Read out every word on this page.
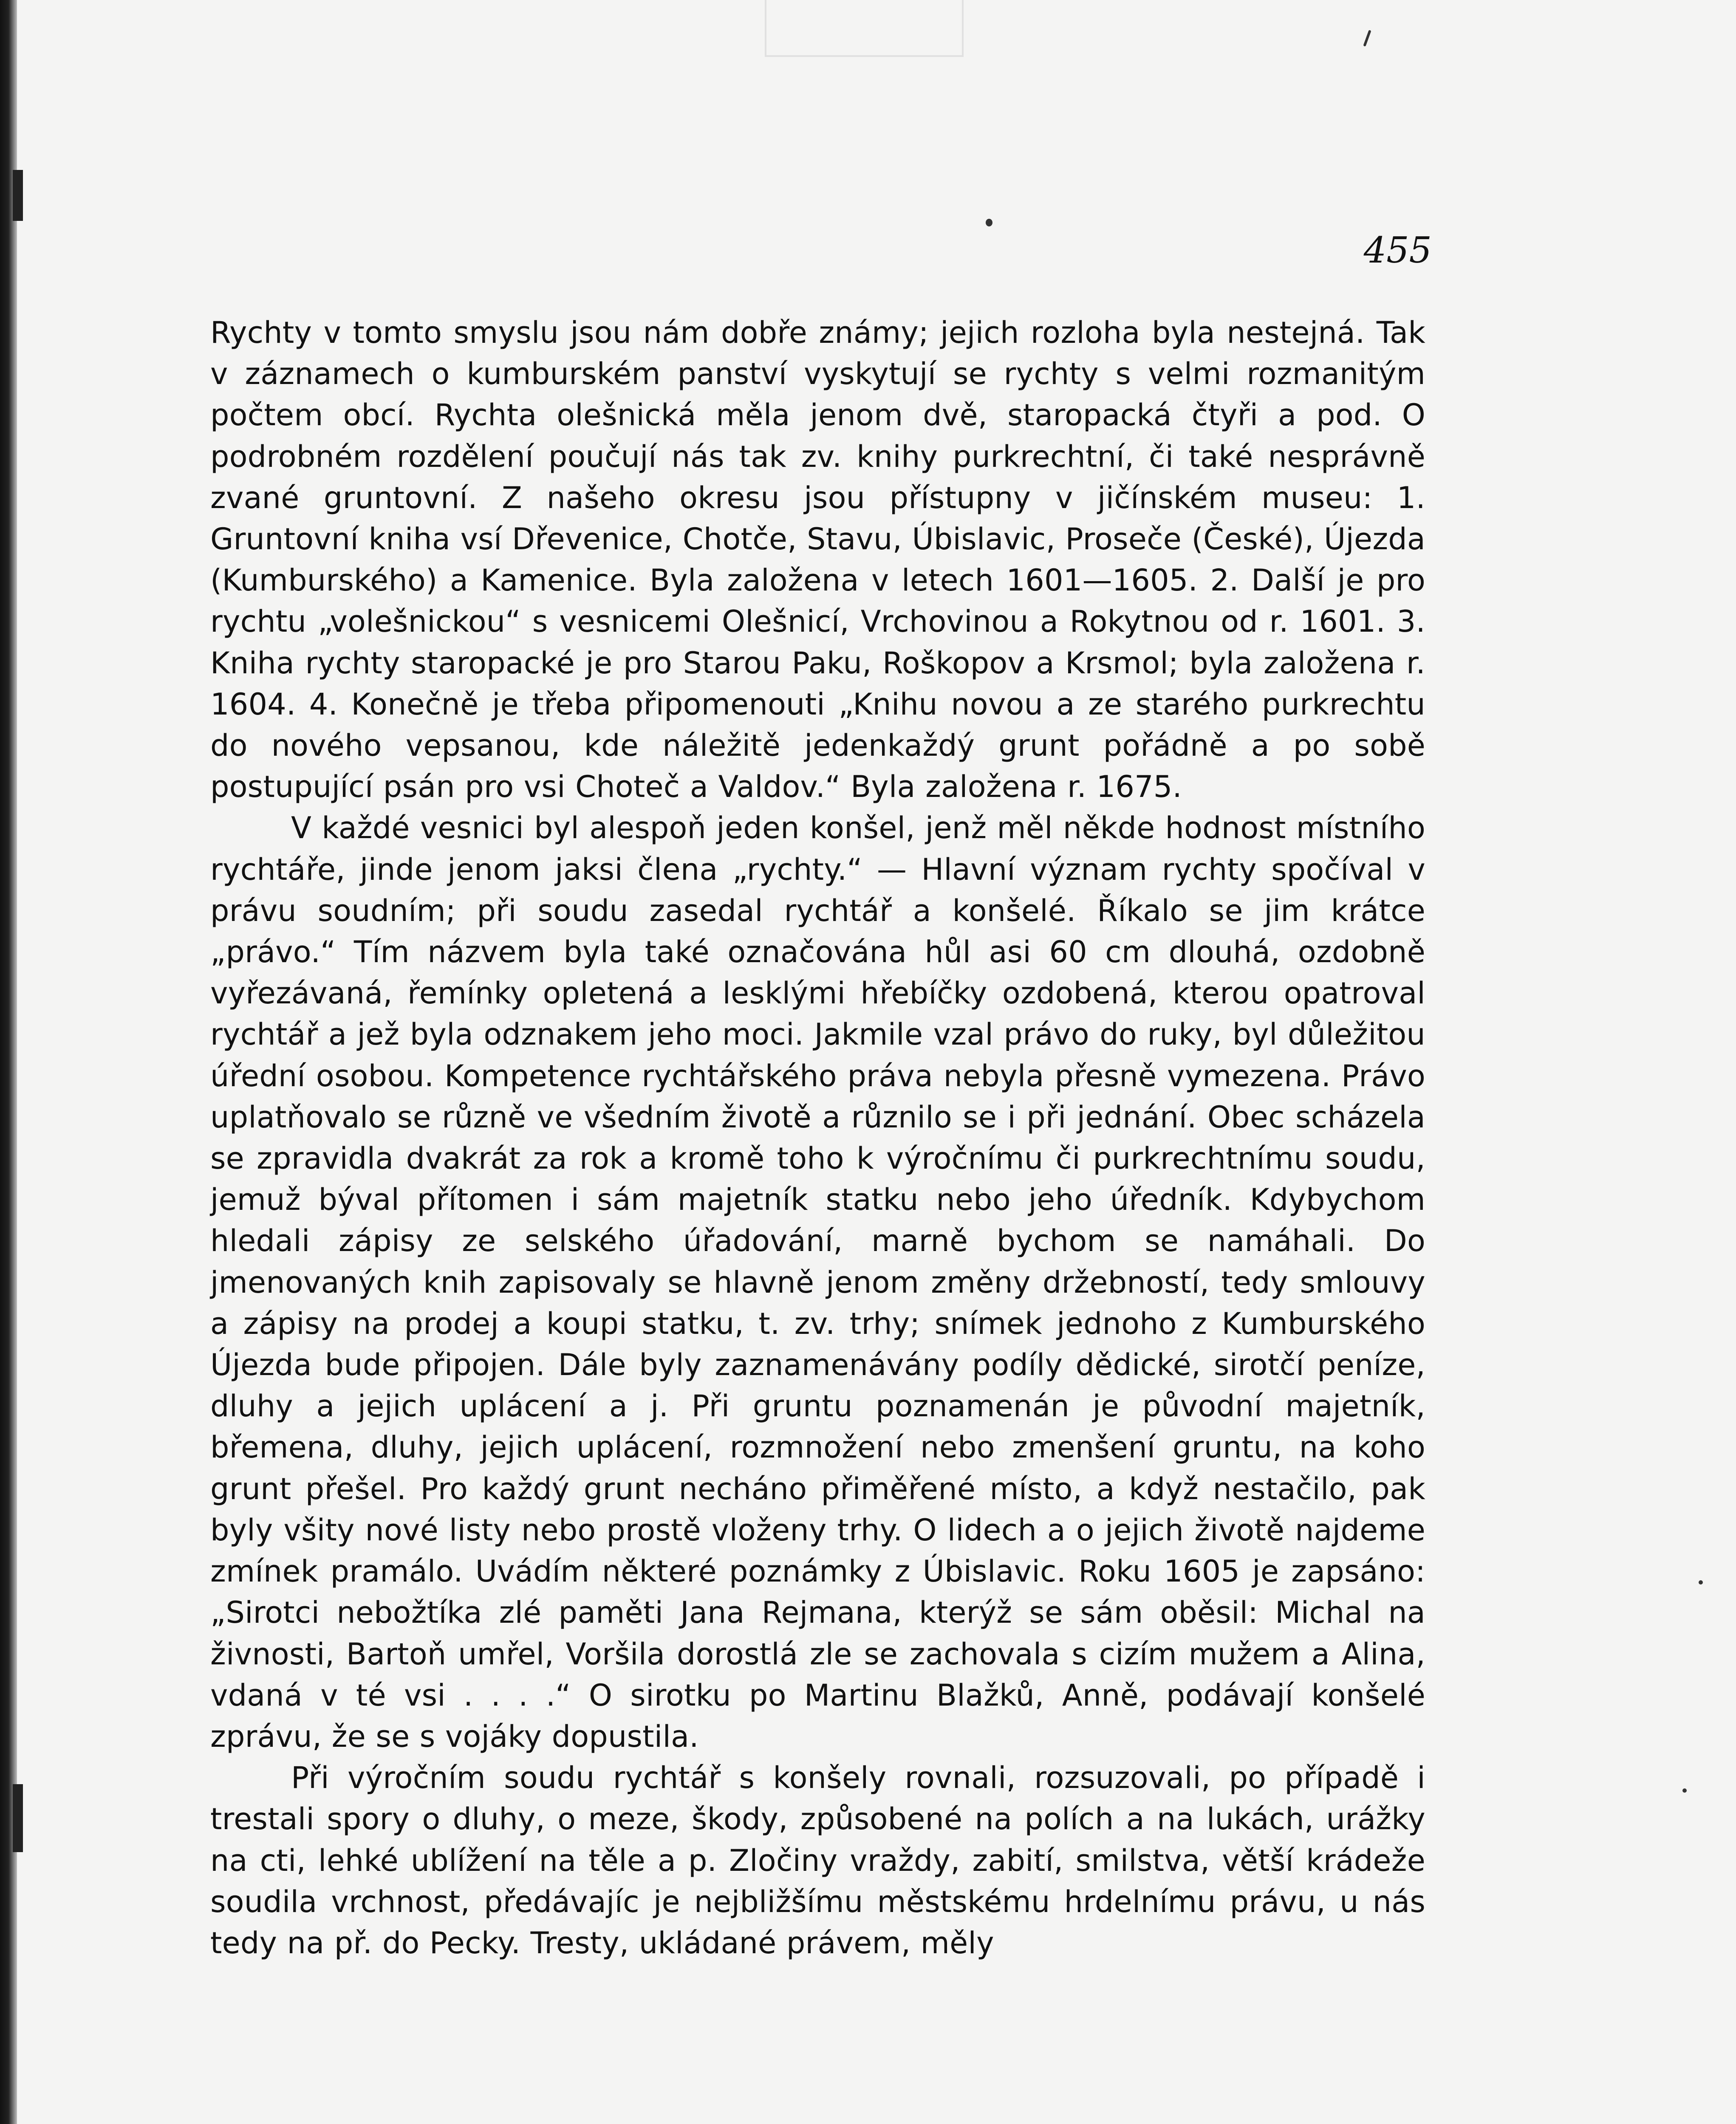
455

Rychty v tomto smyslu jsou nám dobře známy; jejich rozloha byla nestejná. Tak v záznamech o kumburském panství vyskytují se rychty s velmi rozmanitým počtem obcí. Rychta olešnická měla jenom dvě, staropacká čtyři a pod. O podrobném rozdělení poučují nás tak zv. knihy purkrechtní, či také nesprávně zvané gruntovní. Z našeho okresu jsou přístupny v jičínském museu: 1. Gruntovní kniha vsí Dřevenice, Chotče, Stavu, Úbislavic, Proseče (České), Újezda (Kumburského) a Kamenice. Byla založena v letech 1601—1605. 2. Další je pro rychtu „volešnickou“ s vesnicemi Olešnicí, Vrchovinou a Rokytnou od r. 1601. 3. Kniha rychty staropacké je pro Starou Paku, Roškopov a Krsmol; byla založena r. 1604. 4. Konečně je třeba připomenouti „Knihu novou a ze starého purkrechtu do nového vepsanou, kde náležitě jedenkaždý grunt pořádně a po sobě postupující psán pro vsi Choteč a Valdov.“ Byla založena r. 1675.

V každé vesnici byl alespoň jeden konšel, jenž měl někde hodnost místního rychtáře, jinde jenom jaksi člena „rychty.“ — Hlavní význam rychty spočíval v právu soudním; při soudu zasedal rychtář a konšelé. Říkalo se jim krátce „právo.“ Tím názvem byla také označována hůl asi 60 cm dlouhá, ozdobně vyřezávaná, řemínky opletená a lesklými hřebíčky ozdobená, kterou opatroval rychtář a jež byla odznakem jeho moci. Jakmile vzal právo do ruky, byl důležitou úřední osobou. Kompetence rychtářského práva nebyla přesně vymezena. Právo uplatňovalo se různě ve všedním životě a různilo se i při jednání. Obec scházela se zpravidla dvakrát za rok a kromě toho k výročnímu či purkrechtnímu soudu, jemuž býval přítomen i sám majetník statku nebo jeho úředník. Kdybychom hledali zápisy ze selského úřadování, marně bychom se namáhali. Do jmenovaných knih zapisovaly se hlavně jenom změny držebností, tedy smlouvy a zápisy na prodej a koupi statku, t. zv. trhy; snímek jednoho z Kumburského Újezda bude připojen. Dále byly zaznamenávány podíly dědické, sirotčí peníze, dluhy a jejich uplácení a j. Při gruntu poznamenán je původní majetník, břemena, dluhy, jejich uplácení, rozmnožení nebo zmenšení gruntu, na koho grunt přešel. Pro každý grunt necháno přiměřené místo, a když nestačilo, pak byly všity nové listy nebo prostě vloženy trhy. O lidech a o jejich životě najdeme zmínek pramálo. Uvádím některé poznámky z Úbislavic. Roku 1605 je zapsáno: „Sirotci nebožtíka zlé paměti Jana Rejmana, kterýž se sám oběsil: Michal na živnosti, Bartoň umřel, Voršila dorostlá zle se zachovala s cizím mužem a Alina, vdaná v té vsi . . . .“ O sirotku po Martinu Blažků, Anně, podávají konšelé zprávu, že se s vojáky dopustila.

Při výročním soudu rychtář s konšely rovnali, rozsuzovali, po případě i trestali spory o dluhy, o meze, škody, způsobené na polích a na lukách, urážky na cti, lehké ublížení na těle a p. Zločiny vraždy, zabití, smilstva, větší krádeže soudila vrchnost, předávajíc je nejbližšímu městskému hrdelnímu právu, u nás tedy na př. do Pecky. Tresty, ukládané právem, měly
